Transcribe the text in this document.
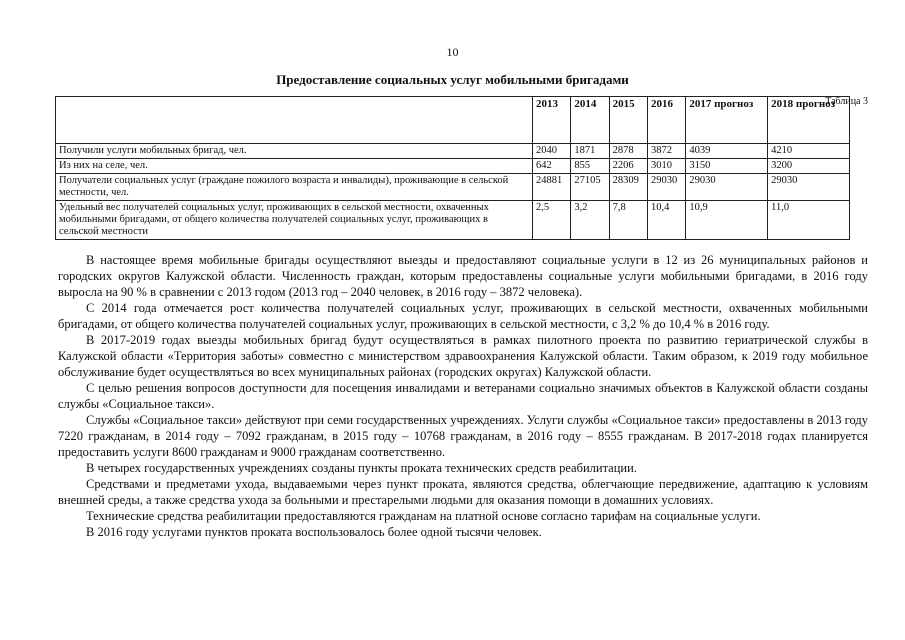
10
Предоставление социальных услуг мобильными бригадами
	2013	2014	2015	2016	2017 прогноз	2018 прогноз
Получили услуги мобильных бригад, чел.	2040	1871	2878	3872	4039	4210
Из них на селе, чел.	642	855	2206	3010	3150	3200
Получатели социальных услуг (граждане пожилого возраста и инвалиды), проживающие в сельской местности, чел.	24881	27105	28309	29030	29030	29030
Удельный вес получателей социальных услуг, проживающих в сельской местности, охваченных мобильными бригадами, от общего количества получателей социальных услуг, проживающих в сельской местности	2,5	3,2	7,8	10,4	10,9	11,0
Таблица 3

В настоящее время мобильные бригады осуществляют выезды и предоставляют социальные услуги в 12 из 26 муниципальных районов и городских округов Калужской области. Численность граждан, которым предоставлены социальные услуги мобильными бригадами, в 2016 году выросла на 90 % в сравнении с 2013 годом (2013 год – 2040 человек, в 2016 году – 3872 человека).

С 2014 года отмечается рост количества получателей социальных услуг, проживающих в сельской местности, охваченных мобильными бригадами, от общего количества получателей социальных услуг, проживающих в сельской местности, с 3,2 % до 10,4 % в 2016 году.

В 2017-2019 годах выезды мобильных бригад будут осуществляться в рамках пилотного проекта по развитию гериатрической службы в Калужской области «Территория заботы» совместно с министерством здравоохранения Калужской области. Таким образом, к 2019 году мобильное обслуживание будет осуществляться во всех муниципальных районах (городских округах) Калужской области.

С целью решения вопросов доступности для посещения инвалидами и ветеранами социально значимых объектов в Калужской области созданы службы «Социальное такси».

Службы «Социальное такси» действуют при семи государственных учреждениях. Услуги службы «Социальное такси» предоставлены в 2013 году 7220 гражданам, в 2014 году – 7092 гражданам, в 2015 году – 10768 гражданам, в 2016 году – 8555 гражданам. В 2017-2018 годах планируется предоставить услуги 8600 гражданам и 9000 гражданам соответственно.

В четырех государственных учреждениях созданы пункты проката технических средств реабилитации.

Средствами и предметами ухода, выдаваемыми через пункт проката, являются средства, облегчающие передвижение, адаптацию к условиям внешней среды, а также средства ухода за больными и престарелыми людьми для оказания помощи в домашних условиях.

Технические средства реабилитации предоставляются гражданам на платной основе согласно тарифам на социальные услуги.

В 2016 году услугами пунктов проката воспользовалось более одной тысячи человек.
